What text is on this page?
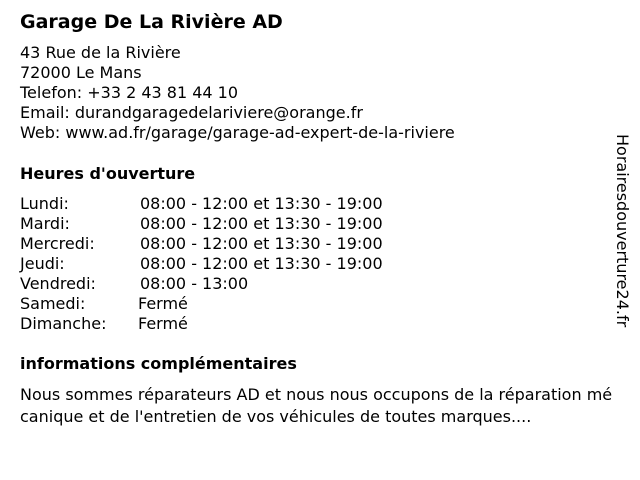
Garage De La Rivière AD
43 Rue de la Rivière
72000 Le Mans
Telefon: +33 2 43 81 44 10
Email: durandgaragedelariviere@orange.fr
Web: www.ad.fr/garage/garage-ad-expert-de-la-riviere
Heures d'ouverture
Lundi:	08:00 - 12:00 et 13:30 - 19:00
Mardi:	08:00 - 12:00 et 13:30 - 19:00
Mercredi:	08:00 - 12:00 et 13:30 - 19:00
Jeudi:	08:00 - 12:00 et 13:30 - 19:00
Vendredi:	08:00 - 13:00
Samedi:	Fermé
Dimanche: Fermé
informations complémentaires
Nous sommes réparateurs AD et nous nous occupons de la réparation mécanique et de l'entretien de vos véhicules de toutes marques....
Horairesdouverture24.fr
